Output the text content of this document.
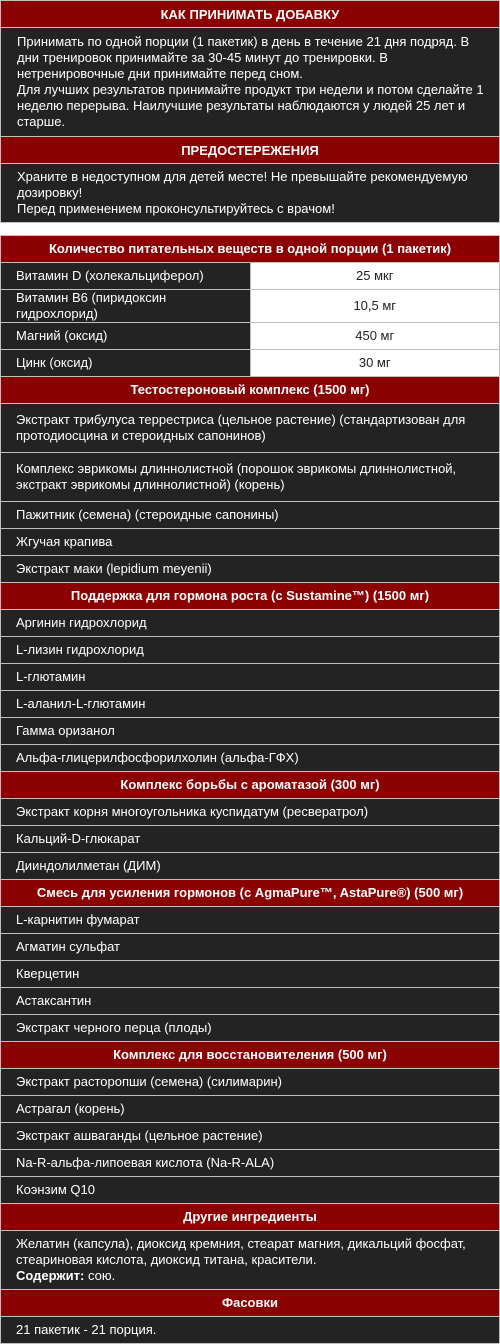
КАК ПРИНИМАТЬ ДОБАВКУ

Принимать по одной порции (1 пакетик) в день в течение 21 дня подряд. В дни тренировок принимайте за 30-45 минут до тренировки. В нетренировочные дни принимайте перед сном.

Для лучших результатов принимайте продукт три недели и потом сделайте 1 неделю перерыва. Наилучшие результаты наблюдаются у людей 25 лет и старше.

ПРЕДОСТЕРЕЖЕНИЯ

Храните в недоступном для детей месте! Не превышайте рекомендуемую дозировку!

Перед применением проконсультируйтесь с врачом!

Количество питательных веществ в одной порции (1 пакетик)	
Витамин D (холекальциферол)	25 мкг
Витамин B6 (пиридоксин гидрохлорид)	10,5 мг
Магний (оксид)	450 мг
Цинк (оксид)	30 мг
Тестостероновый комплекс (1500 мг)	
Экстракт трибулуса террестриса (цельное растение) (стандартизован для протодиосцина и стероидных сапонинов)	
Комплекс эврикомы длиннолистной (порошок эврикомы длиннолистной, экстракт эврикомы длиннолистной) (корень)	
Пажитник (семена) (стероидные сапонины)	
Жгучая крапива	
Экстракт маки (lepidium meyenii)	
Поддержка для гормона роста (с Sustamine™) (1500 мг)	
Аргинин гидрохлорид	
L-лизин гидрохлорид	
L-глютамин	
L-аланил-L-глютамин	
Гамма оризанол	
Альфа-глицерилфосфорилхолин (альфа-ГФХ)	
Комплекс борьбы с ароматазой (300 мг)	
Экстракт корня многоугольника куспидатум (ресвератрол)	
Кальций-D-глюкарат	
Дииндолилметан (ДИМ)	
Смесь для усиления гормонов (с AgmaPure™, AstaPure®) (500 мг)	
L-карнитин фумарат	
Агматин сульфат	
Кверцетин	
Астаксантин	
Экстракт черного перца (плоды)	
Комплекс для восстановителения (500 мг)	
Экстракт расторопши (семена) (силимарин)	
Астрагал (корень)	
Экстракт ашваганды (цельное растение)	
Na-R-альфа-липоевая кислота (Na-R-ALA)	
Коэнзим Q10	
Другие ингредиенты	
Желатин (капсула), диоксид кремния, стеарат магния, дикальций фосфат, стеариновая кислота, диоксид титана, красители.
Содержит: сою.	
Фасовки	
21 пакетик - 21 порция.	
